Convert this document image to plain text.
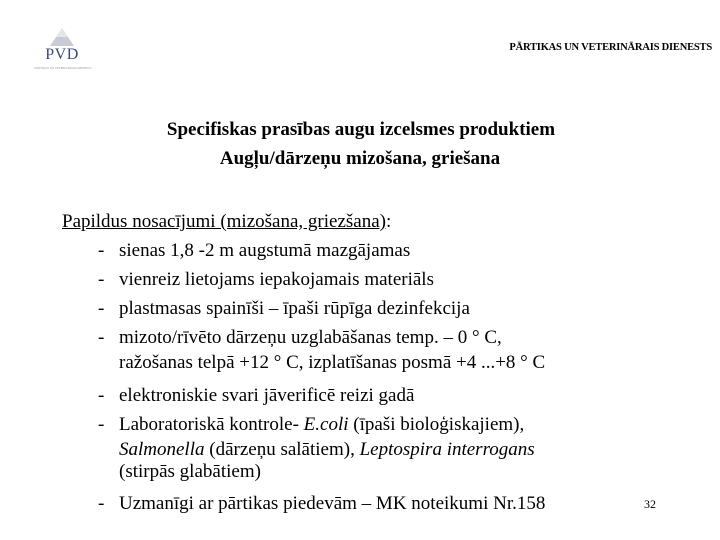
PVD
PĀRTIKAS UN VETERINĀRAIS DIENESTS
PĀRTIKAS UN VETERINĀRAIS DIENESTS
Specifiskas prasības augu izcelsmes produktiem
Augļu/dārzeņu mizošana, griešana
Papildus nosacījumi (mizošana, griezšana):
- sienas 1,8 -2 m augstumā mazgājamas
- vienreiz lietojams iepakojamais materiāls
- plastmasas spainīši – īpaši rūpīga dezinfekcija
- mizoto/rīvēto dārzeņu uzglabāšanas temp. – 0 ° C,
ražošanas telpā +12 ° C, izplatīšanas posmā +4 ...+8 ° C
- elektroniskie svari jāverificē reizi gadā
- Laboratoriskā kontrole- E.coli (īpaši bioloģiskajiem),
Salmonella (dārzeņu salātiem), Leptospira interrogans
(stirpās glabātiem)
- Uzmanīgi ar pārtikas piedevām – MK noteikumi Nr.158	32
